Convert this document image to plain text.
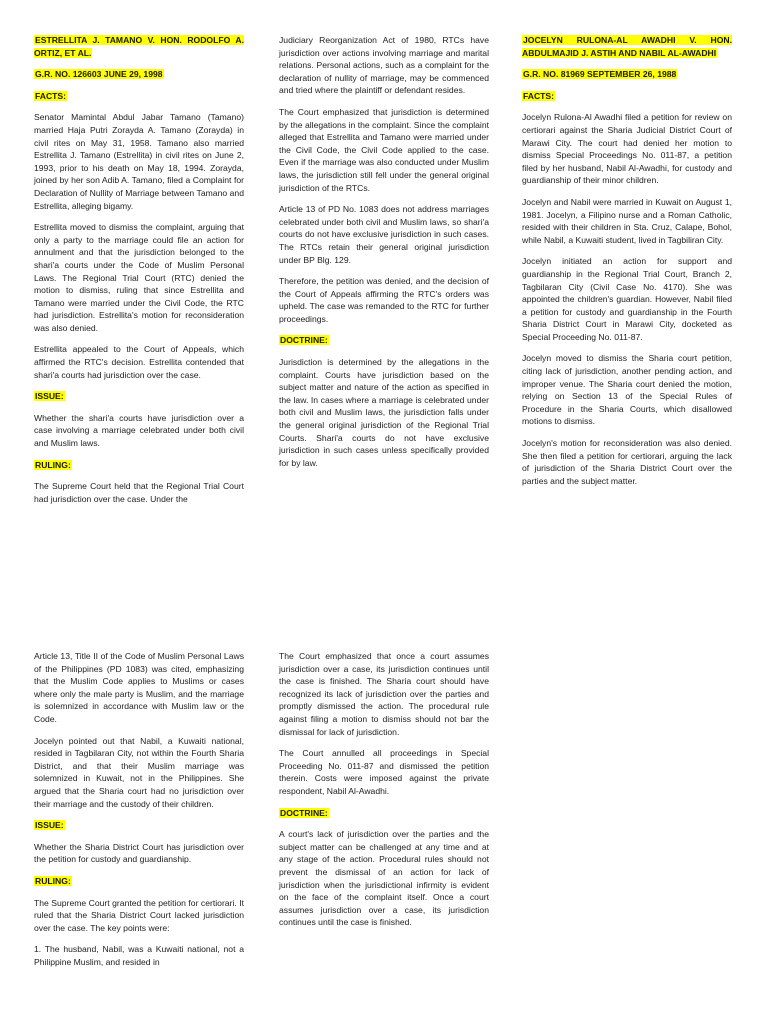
ESTRELLITA J. TAMANO V. HON. RODOLFO A. ORTIZ, ET AL.
G.R. NO. 126603 JUNE 29, 1998
FACTS:

Senator Mamintal Abdul Jabar Tamano (Tamano) married Haja Putri Zorayda A. Tamano (Zorayda) in civil rites on May 31, 1958. Tamano also married Estrellita J. Tamano (Estrellita) in civil rites on June 2, 1993, prior to his death on May 18, 1994. Zorayda, joined by her son Adib A. Tamano, filed a Complaint for Declaration of Nullity of Marriage between Tamano and Estrellita, alleging bigamy.

Estrellita moved to dismiss the complaint, arguing that only a party to the marriage could file an action for annulment and that the jurisdiction belonged to the shari'a courts under the Code of Muslim Personal Laws. The Regional Trial Court (RTC) denied the motion to dismiss, ruling that since Estrellita and Tamano were married under the Civil Code, the RTC had jurisdiction. Estrellita's motion for reconsideration was also denied.

Estrellita appealed to the Court of Appeals, which affirmed the RTC's decision. Estrellita contended that shari'a courts had jurisdiction over the case.

ISSUE:

Whether the shari'a courts have jurisdiction over a case involving a marriage celebrated under both civil and Muslim laws.

RULING:

The Supreme Court held that the Regional Trial Court had jurisdiction over the case. Under the

Judiciary Reorganization Act of 1980, RTCs have jurisdiction over actions involving marriage and marital relations. Personal actions, such as a complaint for the declaration of nullity of marriage, may be commenced and tried where the plaintiff or defendant resides.

The Court emphasized that jurisdiction is determined by the allegations in the complaint. Since the complaint alleged that Estrellita and Tamano were married under the Civil Code, the Civil Code applied to the case. Even if the marriage was also conducted under Muslim laws, the jurisdiction still fell under the general original jurisdiction of the RTCs.

Article 13 of PD No. 1083 does not address marriages celebrated under both civil and Muslim laws, so shari'a courts do not have exclusive jurisdiction in such cases. The RTCs retain their general original jurisdiction under BP Blg. 129.

Therefore, the petition was denied, and the decision of the Court of Appeals affirming the RTC's orders was upheld. The case was remanded to the RTC for further proceedings.

DOCTRINE:

Jurisdiction is determined by the allegations in the complaint. Courts have jurisdiction based on the subject matter and nature of the action as specified in the law. In cases where a marriage is celebrated under both civil and Muslim laws, the jurisdiction falls under the general original jurisdiction of the Regional Trial Courts. Shari'a courts do not have exclusive jurisdiction in such cases unless specifically provided for by law.

JOCELYN RULONA-AL AWADHI V. HON. ABDULMAJID J. ASTIH AND NABIL AL-AWADHI
G.R. NO. 81969 SEPTEMBER 26, 1988
FACTS:

Jocelyn Rulona-Al Awadhi filed a petition for review on certiorari against the Sharia Judicial District Court of Marawi City. The court had denied her motion to dismiss Special Proceedings No. 011-87, a petition filed by her husband, Nabil Al-Awadhi, for custody and guardianship of their minor children.

Jocelyn and Nabil were married in Kuwait on August 1, 1981. Jocelyn, a Filipino nurse and a Roman Catholic, resided with their children in Sta. Cruz, Calape, Bohol, while Nabil, a Kuwaiti student, lived in Tagbiliran City.

Jocelyn initiated an action for support and guardianship in the Regional Trial Court, Branch 2, Tagbilaran City (Civil Case No. 4170). She was appointed the children's guardian. However, Nabil filed a petition for custody and guardianship in the Fourth Sharia District Court in Marawi City, docketed as Special Proceeding No. 011-87.

Jocelyn moved to dismiss the Sharia court petition, citing lack of jurisdiction, another pending action, and improper venue. The Sharia court denied the motion, relying on Section 13 of the Special Rules of Procedure in the Sharia Courts, which disallowed motions to dismiss.

Jocelyn's motion for reconsideration was also denied. She then filed a petition for certiorari, arguing the lack of jurisdiction of the Sharia District Court over the parties and the subject matter.

Article 13, Title II of the Code of Muslim Personal Laws of the Philippines (PD 1083) was cited, emphasizing that the Muslim Code applies to Muslims or cases where only the male party is Muslim, and the marriage is solemnized in accordance with Muslim law or the Code.

Jocelyn pointed out that Nabil, a Kuwaiti national, resided in Tagbilaran City, not within the Fourth Sharia District, and that their Muslim marriage was solemnized in Kuwait, not in the Philippines. She argued that the Sharia court had no jurisdiction over their marriage and the custody of their children.

ISSUE:

Whether the Sharia District Court has jurisdiction over the petition for custody and guardianship.

RULING:

The Supreme Court granted the petition for certiorari. It ruled that the Sharia District Court lacked jurisdiction over the case. The key points were:

1. The husband, Nabil, was a Kuwaiti national, not a Philippine Muslim, and resided in

The Court emphasized that once a court assumes jurisdiction over a case, its jurisdiction continues until the case is finished. The Sharia court should have recognized its lack of jurisdiction over the parties and promptly dismissed the action. The procedural rule against filing a motion to dismiss should not bar the dismissal for lack of jurisdiction.

The Court annulled all proceedings in Special Proceeding No. 011-87 and dismissed the petition therein. Costs were imposed against the private respondent, Nabil Al-Awadhi.

DOCTRINE:

A court's lack of jurisdiction over the parties and the subject matter can be challenged at any time and at any stage of the action. Procedural rules should not prevent the dismissal of an action for lack of jurisdiction when the jurisdictional infirmity is evident on the face of the complaint itself. Once a court assumes jurisdiction over a case, its jurisdiction continues until the case is finished.
